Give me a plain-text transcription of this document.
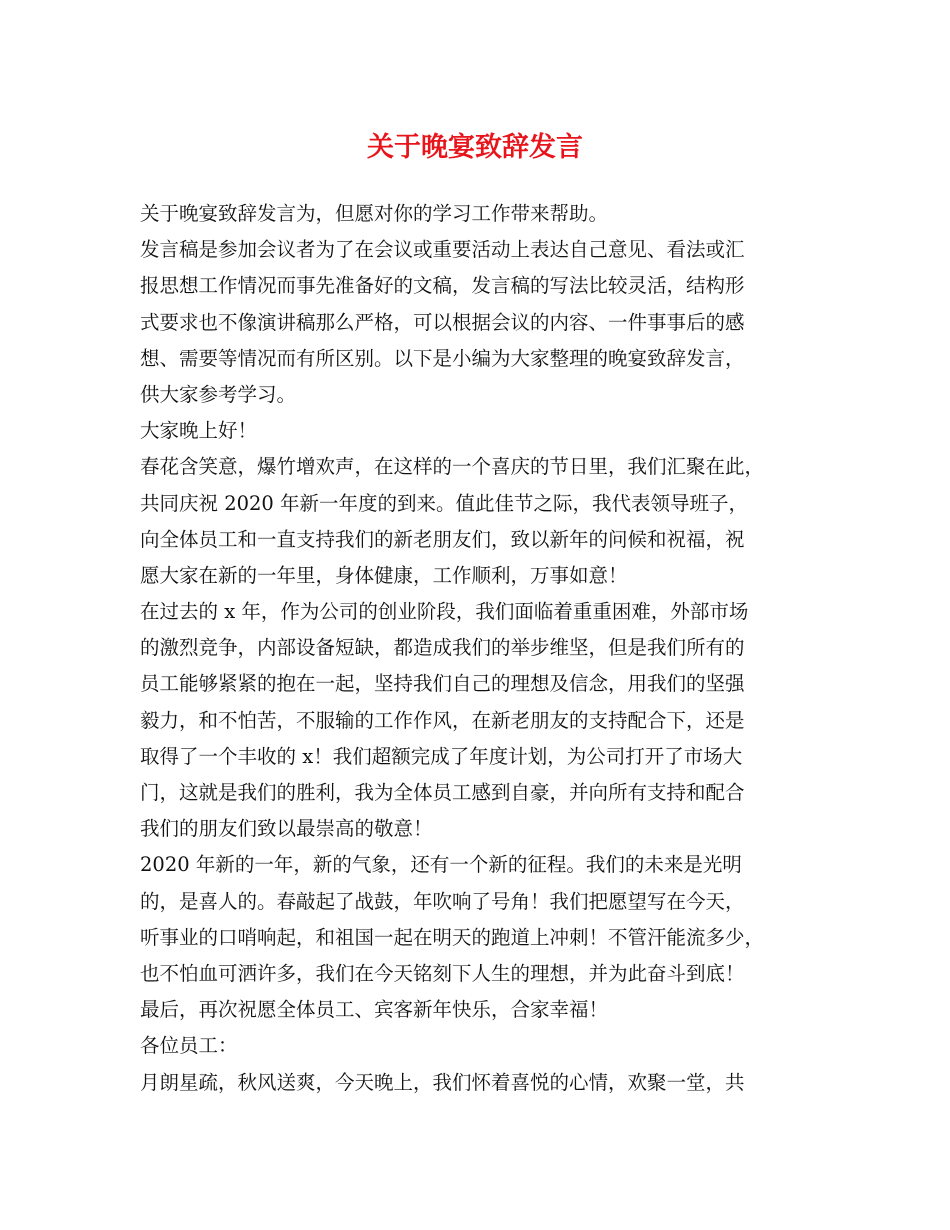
关于晚宴致辞发言
关于晚宴致辞发言为，但愿对你的学习工作带来帮助。
发言稿是参加会议者为了在会议或重要活动上表达自己意见、看法或汇
报思想工作情况而事先准备好的文稿，发言稿的写法比较灵活，结构形
式要求也不像演讲稿那么严格，可以根据会议的内容、一件事事后的感
想、需要等情况而有所区别。以下是小编为大家整理的晚宴致辞发言，
供大家参考学习。
大家晚上好！
春花含笑意，爆竹增欢声，在这样的一个喜庆的节日里，我们汇聚在此，
共同庆祝 2020 年新一年度的到来。值此佳节之际，我代表领导班子，
向全体员工和一直支持我们的新老朋友们，致以新年的问候和祝福，祝
愿大家在新的一年里，身体健康，工作顺利，万事如意！
在过去的 x 年，作为公司的创业阶段，我们面临着重重困难，外部市场
的激烈竞争，内部设备短缺，都造成我们的举步维坚，但是我们所有的
员工能够紧紧的抱在一起，坚持我们自己的理想及信念，用我们的坚强
毅力，和不怕苦，不服输的工作作风，在新老朋友的支持配合下，还是
取得了一个丰收的 x！我们超额完成了年度计划，为公司打开了市场大
门，这就是我们的胜利，我为全体员工感到自豪，并向所有支持和配合
我们的朋友们致以最崇高的敬意！
2020 年新的一年，新的气象，还有一个新的征程。我们的未来是光明
的，是喜人的。春敲起了战鼓，年吹响了号角！我们把愿望写在今天，
听事业的口哨响起，和祖国一起在明天的跑道上冲刺！不管汗能流多少，
也不怕血可洒许多，我们在今天铭刻下人生的理想，并为此奋斗到底！
最后，再次祝愿全体员工、宾客新年快乐，合家幸福！
各位员工：
月朗星疏，秋风送爽，今天晚上，我们怀着喜悦的心情，欢聚一堂，共
